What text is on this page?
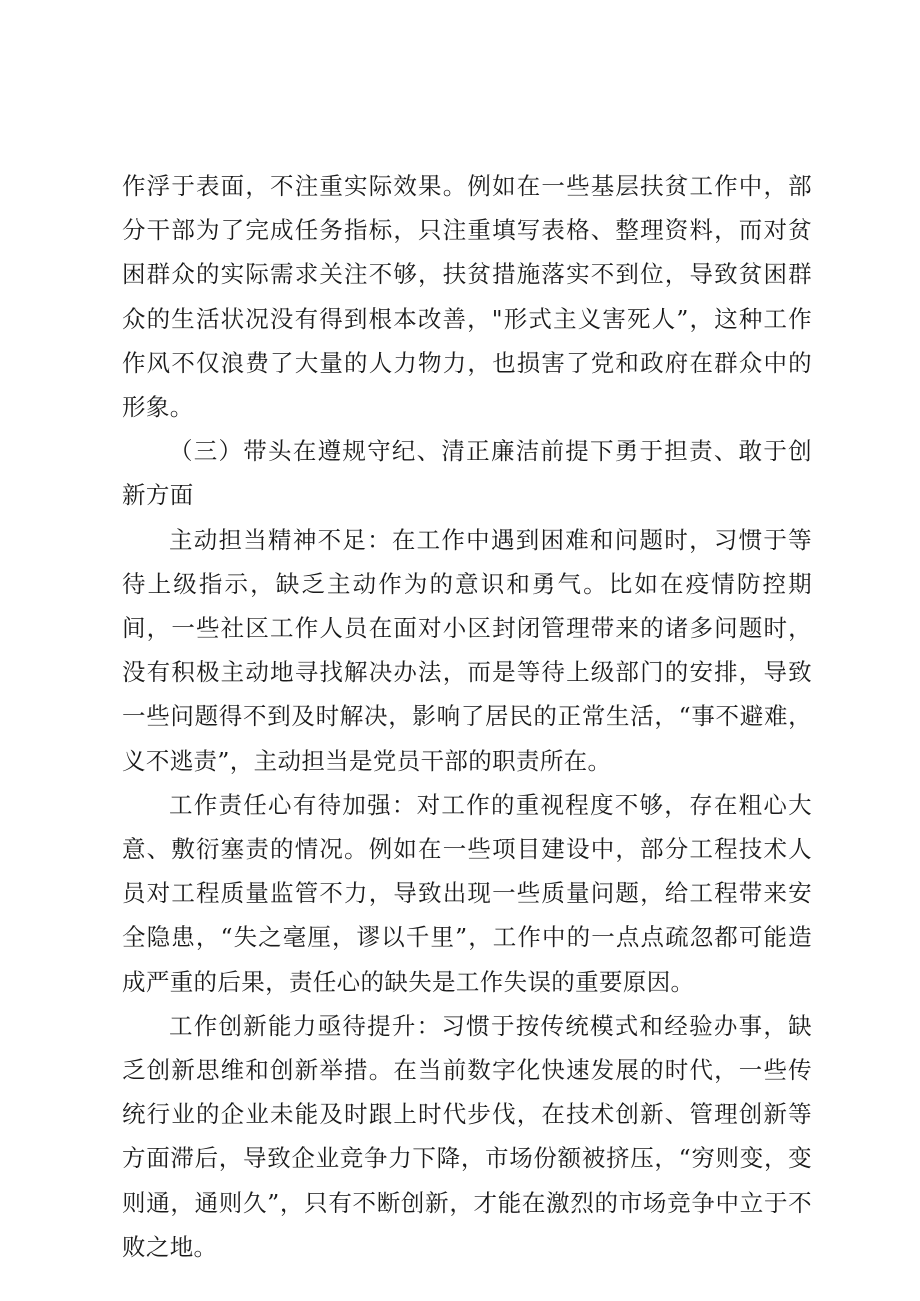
作浮于表面，不注重实际效果。例如在一些基层扶贫工作中，部分干部为了完成任务指标，只注重填写表格、整理资料，而对贫困群众的实际需求关注不够，扶贫措施落实不到位，导致贫困群众的生活状况没有得到根本改善，"形式主义害死人”，这种工作作风不仅浪费了大量的人力物力，也损害了党和政府在群众中的形象。

（三）带头在遵规守纪、清正廉洁前提下勇于担责、敢于创新方面

主动担当精神不足：在工作中遇到困难和问题时，习惯于等待上级指示，缺乏主动作为的意识和勇气。比如在疫情防控期间，一些社区工作人员在面对小区封闭管理带来的诸多问题时，没有积极主动地寻找解决办法，而是等待上级部门的安排，导致一些问题得不到及时解决，影响了居民的正常生活，“事不避难，义不逃责”，主动担当是党员干部的职责所在。

工作责任心有待加强：对工作的重视程度不够，存在粗心大意、敷衍塞责的情况。例如在一些项目建设中，部分工程技术人员对工程质量监管不力，导致出现一些质量问题，给工程带来安全隐患，“失之毫厘，谬以千里”，工作中的一点点疏忽都可能造成严重的后果，责任心的缺失是工作失误的重要原因。

工作创新能力亟待提升：习惯于按传统模式和经验办事，缺乏创新思维和创新举措。在当前数字化快速发展的时代，一些传统行业的企业未能及时跟上时代步伐，在技术创新、管理创新等方面滞后，导致企业竞争力下降，市场份额被挤压，“穷则变，变则通，通则久”，只有不断创新，才能在激烈的市场竞争中立于不败之地。
